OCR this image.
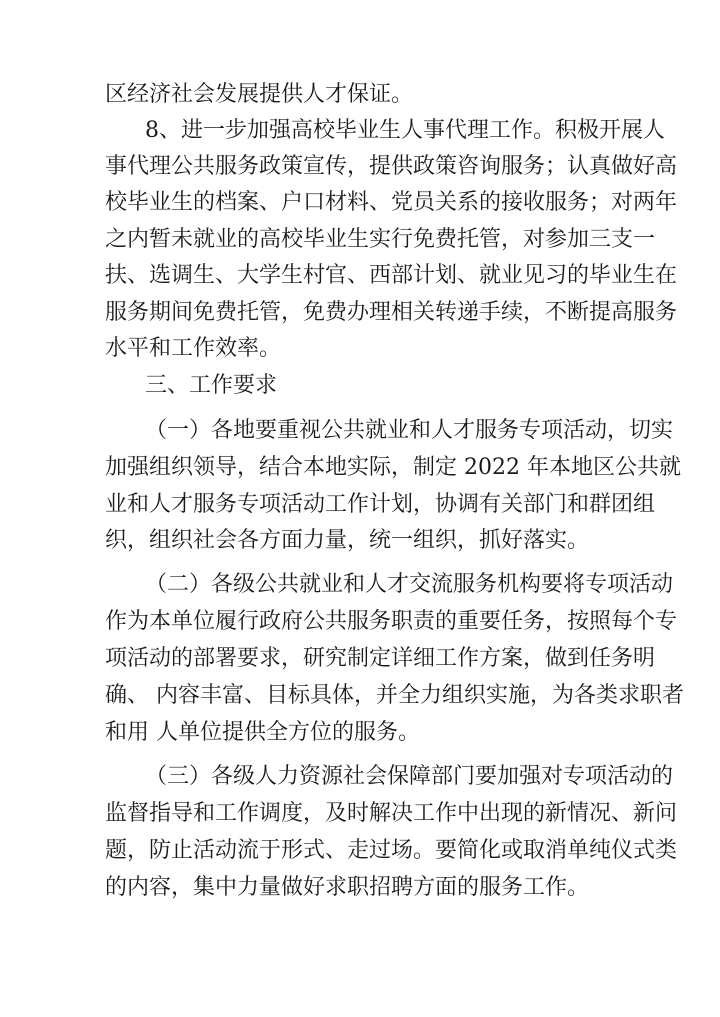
区经济社会发展提供人才保证。
8、进一步加强高校毕业生人事代理工作。积极开展人
事代理公共服务政策宣传，提供政策咨询服务；认真做好高
校毕业生的档案、户口材料、党员关系的接收服务；对两年
之内暂未就业的高校毕业生实行免费托管，对参加三支一
扶、选调生、大学生村官、西部计划、就业见习的毕业生在
服务期间免费托管，免费办理相关转递手续，不断提高服务
水平和工作效率。
三、工作要求
（一）各地要重视公共就业和人才服务专项活动，切实
加强组织领导，结合本地实际，制定 2022 年本地区公共就
业和人才服务专项活动工作计划，协调有关部门和群团组
织，组织社会各方面力量，统一组织，抓好落实。
（二）各级公共就业和人才交流服务机构要将专项活动
作为本单位履行政府公共服务职责的重要任务，按照每个专
项活动的部署要求，研究制定详细工作方案，做到任务明
确、 内容丰富、目标具体，并全力组织实施，为各类求职者
和用 人单位提供全方位的服务。
（三）各级人力资源社会保障部门要加强对专项活动的
监督指导和工作调度，及时解决工作中出现的新情况、新问
题，防止活动流于形式、走过场。要简化或取消单纯仪式类
的内容，集中力量做好求职招聘方面的服务工作。
